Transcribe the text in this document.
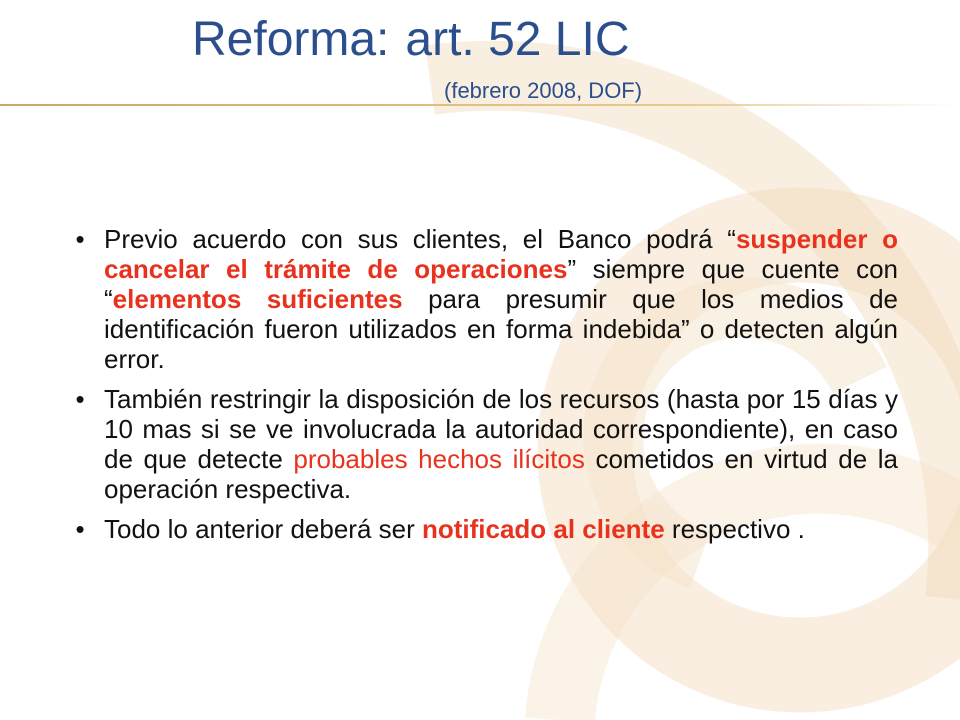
Reforma: art. 52 LIC
(febrero 2008, DOF)
• Previo acuerdo con sus clientes, el Banco podrá “suspender o cancelar el trámite de operaciones” siempre que cuente con “elementos suficientes para presumir que los medios de identificación fueron utilizados en forma indebida” o detecten algún error.
• También restringir la disposición de los recursos (hasta por 15 días y 10 mas si se ve involucrada la autoridad correspondiente), en caso de que detecte probables hechos ilícitos cometidos en virtud de la operación respectiva.
• Todo lo anterior deberá ser notificado al cliente respectivo .
